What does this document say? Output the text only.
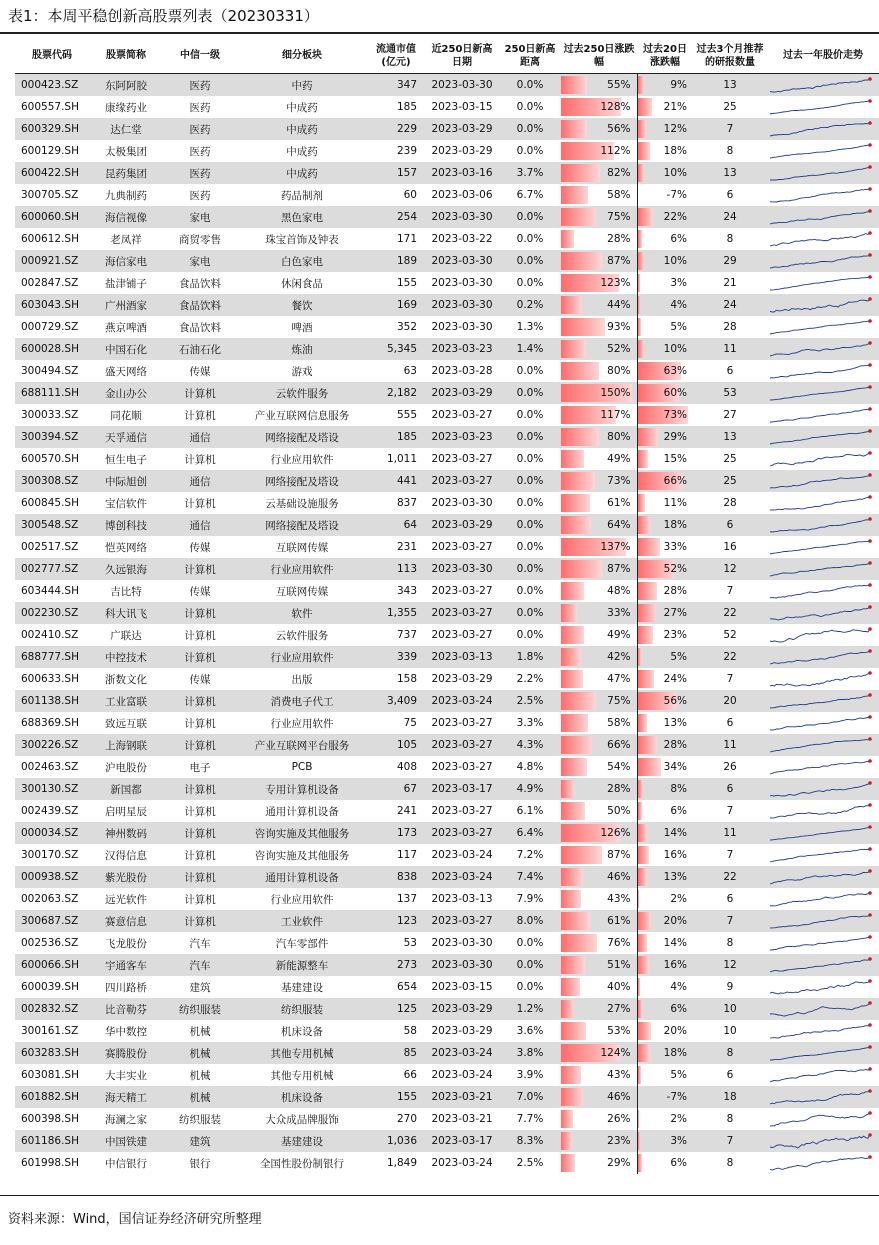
表1：本周平稳创新高股票列表（20230331）
股票代码	股票简称	中信一级	细分板块	流通市值(亿元)	近250日新高日期	250日新高距离	过去250日涨跌幅	过去20日涨跌幅	过去3个月推荐的研报数量	过去一年股价走势
000423.SZ	东阿阿胶	医药	中药	347	2023-03-30	0.0%	55%	9%	13	

600557.SH	康缘药业	医药	中成药	185	2023-03-15	0.0%	128%	21%	25	

600329.SH	达仁堂	医药	中成药	229	2023-03-29	0.0%	56%	12%	7	

600129.SH	太极集团	医药	中成药	239	2023-03-29	0.0%	112%	18%	8	

600422.SH	昆药集团	医药	中成药	157	2023-03-16	3.7%	82%	10%	13	

300705.SZ	九典制药	医药	药品制剂	60	2023-03-06	6.7%	58%	-7%	6	

600060.SH	海信视像	家电	黑色家电	254	2023-03-30	0.0%	75%	22%	24	

600612.SH	老凤祥	商贸零售	珠宝首饰及钟表	171	2023-03-22	0.0%	28%	6%	8	

000921.SZ	海信家电	家电	白色家电	189	2023-03-30	0.0%	87%	10%	29	

002847.SZ	盐津铺子	食品饮料	休闲食品	155	2023-03-30	0.0%	123%	3%	21	

603043.SH	广州酒家	食品饮料	餐饮	169	2023-03-30	0.2%	44%	4%	24	

000729.SZ	燕京啤酒	食品饮料	啤酒	352	2023-03-30	1.3%	93%	5%	28	

600028.SH	中国石化	石油石化	炼油	5,345	2023-03-23	1.4%	52%	10%	11	

300494.SZ	盛天网络	传媒	游戏	63	2023-03-28	0.0%	80%	63%	6	

688111.SH	金山办公	计算机	云软件服务	2,182	2023-03-29	0.0%	150%	60%	53	

300033.SZ	同花顺	计算机	产业互联网信息服务	555	2023-03-27	0.0%	117%	73%	27	

300394.SZ	天孚通信	通信	网络接配及塔设	185	2023-03-23	0.0%	80%	29%	13	

600570.SH	恒生电子	计算机	行业应用软件	1,011	2023-03-27	0.0%	49%	15%	25	

300308.SZ	中际旭创	通信	网络接配及塔设	441	2023-03-27	0.0%	73%	66%	25	

600845.SH	宝信软件	计算机	云基础设施服务	837	2023-03-30	0.0%	61%	11%	28	

300548.SZ	博创科技	通信	网络接配及塔设	64	2023-03-29	0.0%	64%	18%	6	

002517.SZ	恺英网络	传媒	互联网传媒	231	2023-03-27	0.0%	137%	33%	16	

002777.SZ	久远银海	计算机	行业应用软件	113	2023-03-30	0.0%	87%	52%	12	

603444.SH	吉比特	传媒	互联网传媒	343	2023-03-27	0.0%	48%	28%	7	

002230.SZ	科大讯飞	计算机	软件	1,355	2023-03-27	0.0%	33%	27%	22	

002410.SZ	广联达	计算机	云软件服务	737	2023-03-27	0.0%	49%	23%	52	

688777.SH	中控技术	计算机	行业应用软件	339	2023-03-13	1.8%	42%	5%	22	

600633.SH	浙数文化	传媒	出版	158	2023-03-29	2.2%	47%	24%	7	

601138.SH	工业富联	计算机	消费电子代工	3,409	2023-03-24	2.5%	75%	56%	20	

688369.SH	致远互联	计算机	行业应用软件	75	2023-03-27	3.3%	58%	13%	6	

300226.SZ	上海钢联	计算机	产业互联网平台服务	105	2023-03-27	4.3%	66%	28%	11	

002463.SZ	沪电股份	电子	PCB	408	2023-03-27	4.8%	54%	34%	26	

300130.SZ	新国都	计算机	专用计算机设备	67	2023-03-17	4.9%	28%	8%	6	

002439.SZ	启明星辰	计算机	通用计算机设备	241	2023-03-27	6.1%	50%	6%	7	

000034.SZ	神州数码	计算机	咨询实施及其他服务	173	2023-03-27	6.4%	126%	14%	11	

300170.SZ	汉得信息	计算机	咨询实施及其他服务	117	2023-03-24	7.2%	87%	16%	7	

000938.SZ	紫光股份	计算机	通用计算机设备	838	2023-03-24	7.4%	46%	13%	22	

002063.SZ	远光软件	计算机	行业应用软件	137	2023-03-13	7.9%	43%	2%	6	

300687.SZ	赛意信息	计算机	工业软件	123	2023-03-27	8.0%	61%	20%	7	

002536.SZ	飞龙股份	汽车	汽车零部件	53	2023-03-30	0.0%	76%	14%	8	

600066.SH	宇通客车	汽车	新能源整车	273	2023-03-30	0.0%	51%	16%	12	

600039.SH	四川路桥	建筑	基建建设	654	2023-03-15	0.0%	40%	4%	9	

002832.SZ	比音勒芬	纺织服装	纺织服装	125	2023-03-29	1.2%	27%	6%	10	

300161.SZ	华中数控	机械	机床设备	58	2023-03-29	3.6%	53%	20%	10	

603283.SH	赛腾股份	机械	其他专用机械	85	2023-03-24	3.8%	124%	18%	8	

603081.SH	大丰实业	机械	其他专用机械	66	2023-03-24	3.9%	43%	5%	6	

601882.SH	海天精工	机械	机床设备	155	2023-03-21	7.0%	46%	-7%	18	

600398.SH	海澜之家	纺织服装	大众成品牌服饰	270	2023-03-21	7.7%	26%	2%	8	

601186.SH	中国铁建	建筑	基建建设	1,036	2023-03-17	8.3%	23%	3%	7	

601998.SH	中信银行	银行	全国性股份制银行	1,849	2023-03-24	2.5%	29%	6%	8	
资料来源：Wind，国信证券经济研究所整理
